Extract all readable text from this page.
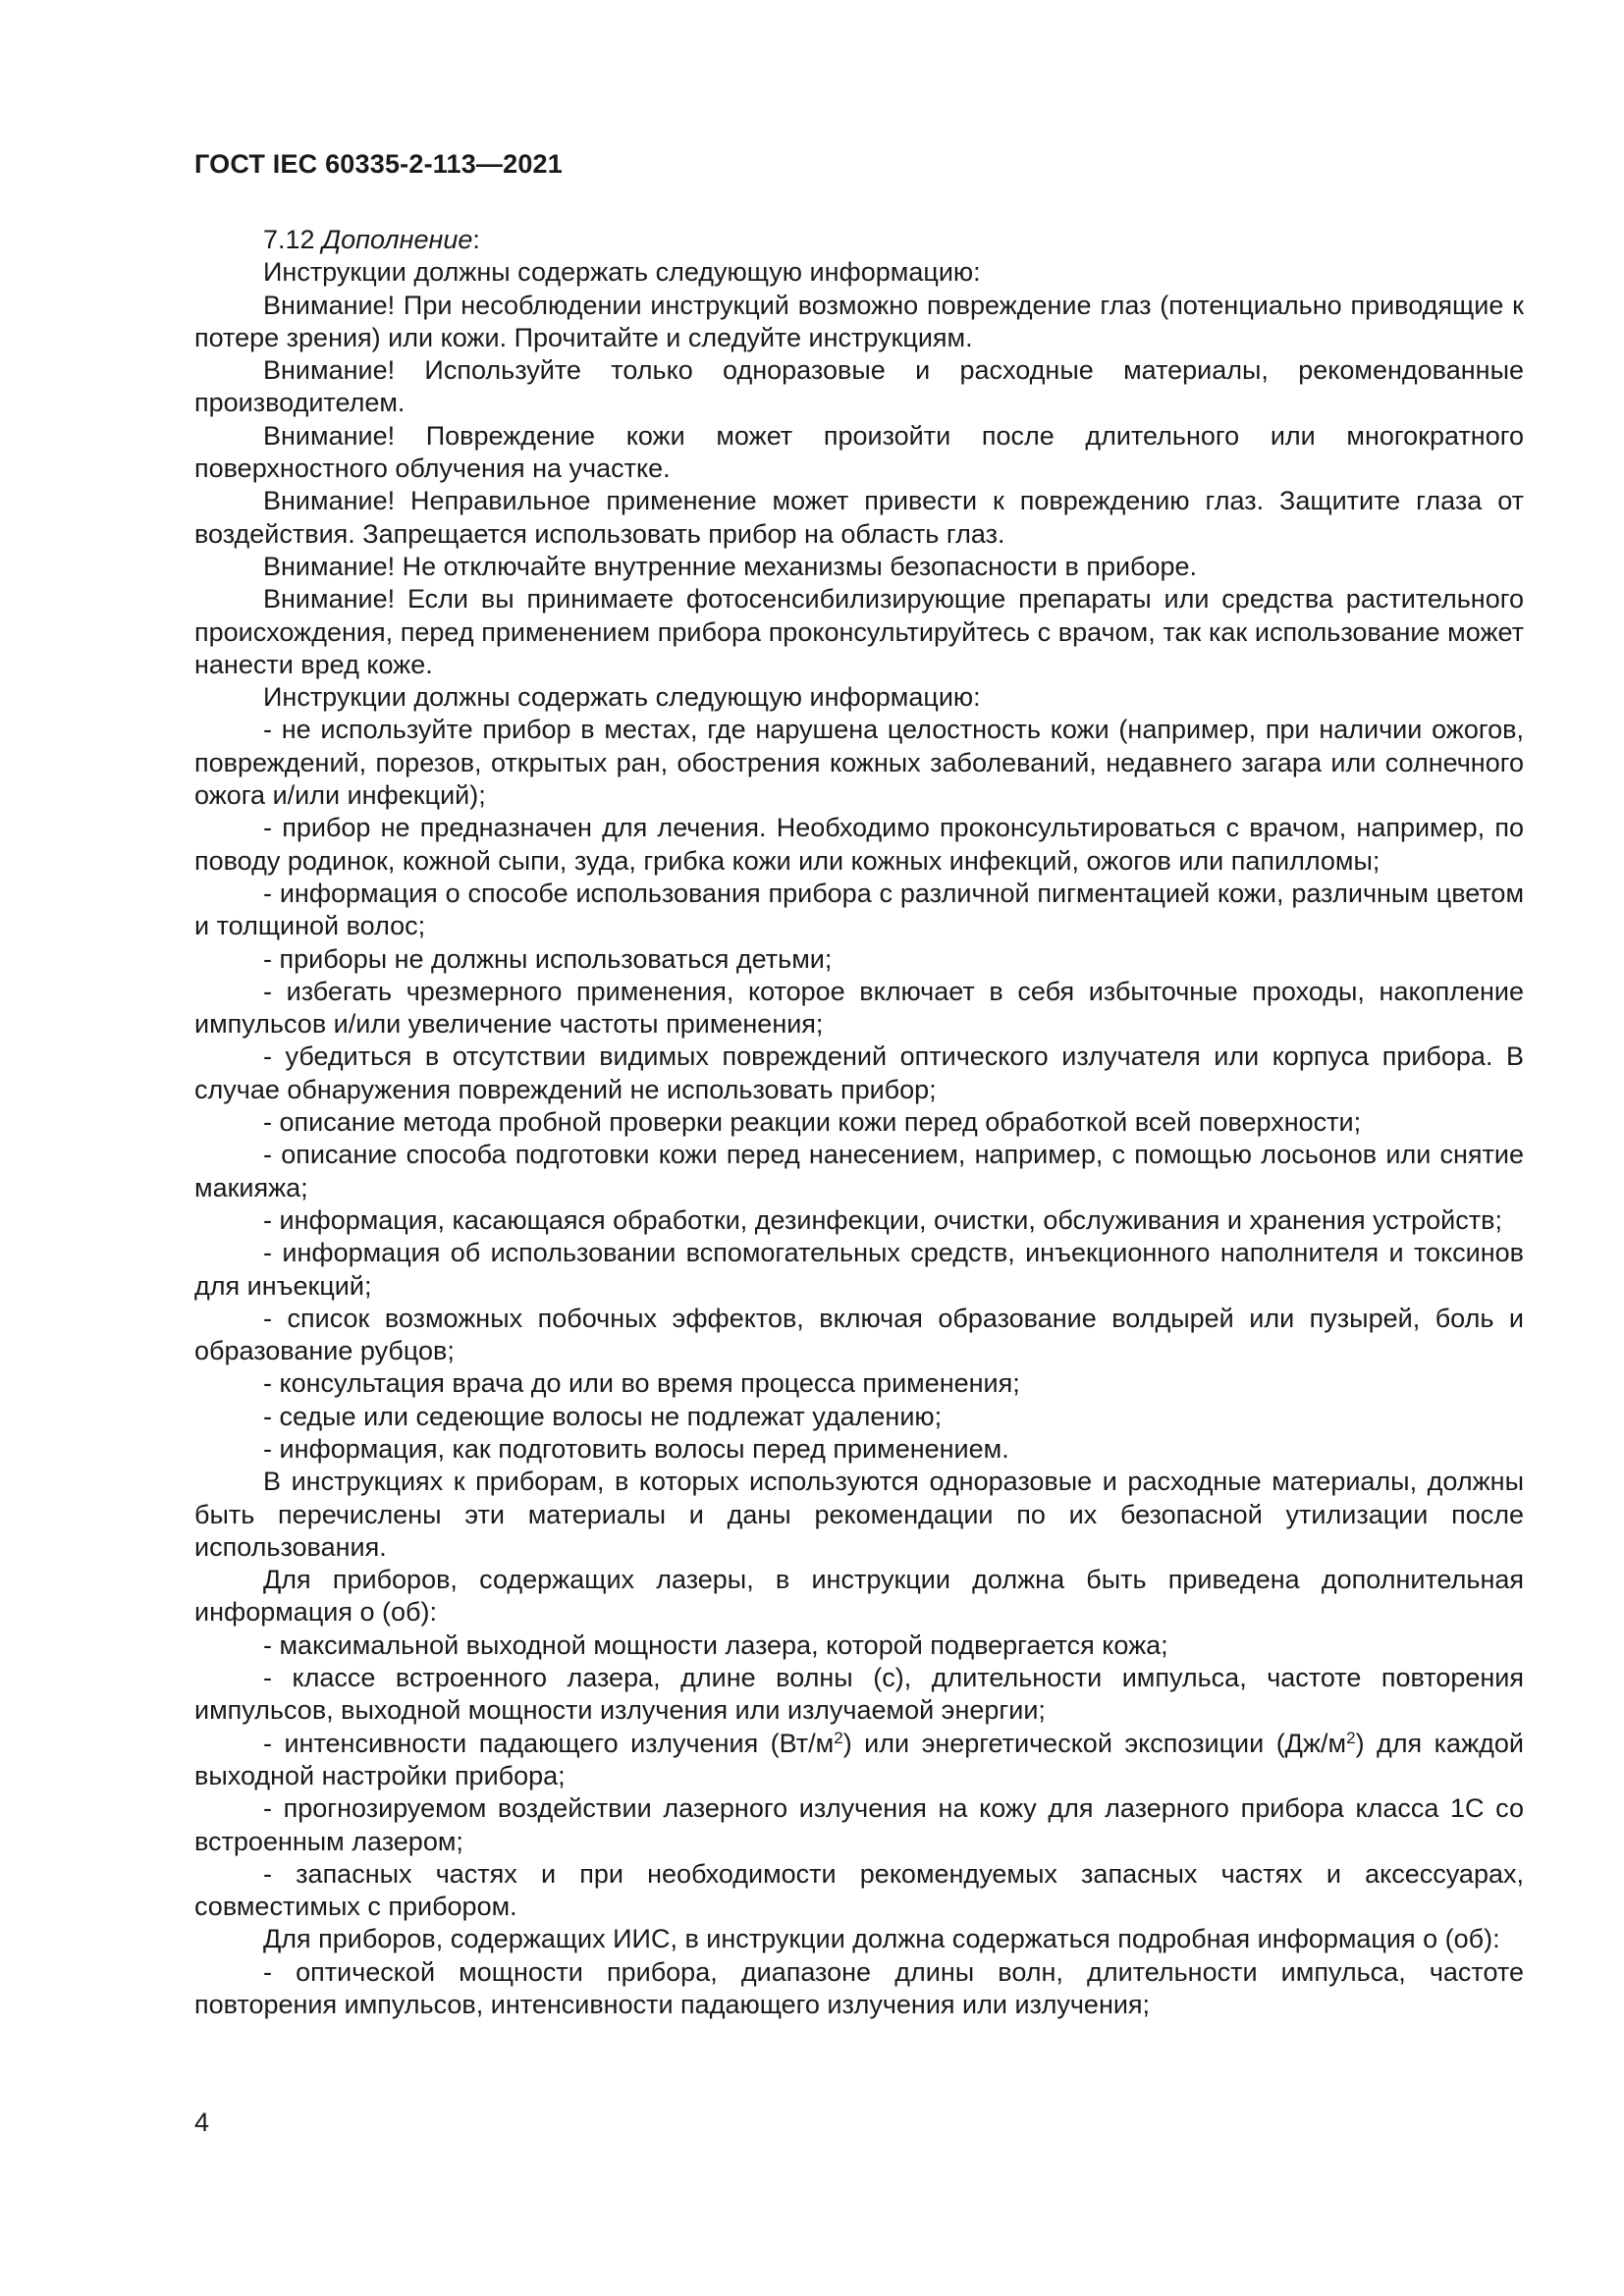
ГОСТ IEC 60335-2-113—2021

7.12 Дополнение:

Инструкции должны содержать следующую информацию:

Внимание! При несоблюдении инструкций возможно повреждение глаз (потенциально приводящие к потере зрения) или кожи. Прочитайте и следуйте инструкциям.

Внимание! Используйте только одноразовые и расходные материалы, рекомендованные производителем.

Внимание! Повреждение кожи может произойти после длительного или многократного поверхностного облучения на участке.

Внимание! Неправильное применение может привести к повреждению глаз. Защитите глаза от воздействия. Запрещается использовать прибор на область глаз.

Внимание! Не отключайте внутренние механизмы безопасности в приборе.

Внимание! Если вы принимаете фотосенсибилизирующие препараты или средства растительного происхождения, перед применением прибора проконсультируйтесь с врачом, так как использование может нанести вред коже.

Инструкции должны содержать следующую информацию:

- не используйте прибор в местах, где нарушена целостность кожи (например, при наличии ожогов, повреждений, порезов, открытых ран, обострения кожных заболеваний, недавнего загара или солнечного ожога и/или инфекций);

- прибор не предназначен для лечения. Необходимо проконсультироваться с врачом, например, по поводу родинок, кожной сыпи, зуда, грибка кожи или кожных инфекций, ожогов или папилломы;

- информация о способе использования прибора с различной пигментацией кожи, различным цветом и толщиной волос;

- приборы не должны использоваться детьми;

- избегать чрезмерного применения, которое включает в себя избыточные проходы, накопление импульсов и/или увеличение частоты применения;

- убедиться в отсутствии видимых повреждений оптического излучателя или корпуса прибора. В случае обнаружения повреждений не использовать прибор;

- описание метода пробной проверки реакции кожи перед обработкой всей поверхности;

- описание способа подготовки кожи перед нанесением, например, с помощью лосьонов или снятие макияжа;

- информация, касающаяся обработки, дезинфекции, очистки, обслуживания и хранения устройств;

- информация об использовании вспомогательных средств, инъекционного наполнителя и токсинов для инъекций;

- список возможных побочных эффектов, включая образование волдырей или пузырей, боль и образование рубцов;

- консультация врача до или во время процесса применения;

- седые или седеющие волосы не подлежат удалению;

- информация, как подготовить волосы перед применением.

В инструкциях к приборам, в которых используются одноразовые и расходные материалы, должны быть перечислены эти материалы и даны рекомендации по их безопасной утилизации после использования.

Для приборов, содержащих лазеры, в инструкции должна быть приведена дополнительная информация о (об):

- максимальной выходной мощности лазера, которой подвергается кожа;

- классе встроенного лазера, длине волны (с), длительности импульса, частоте повторения импульсов, выходной мощности излучения или излучаемой энергии;

- интенсивности падающего излучения $(Вт/м^2)$ или энергетической экспозиции $(Дж/м^2)$ для каждой выходной настройки прибора;

- прогнозируемом воздействии лазерного излучения на кожу для лазерного прибора класса 1С со встроенным лазером;

- запасных частях и при необходимости рекомендуемых запасных частях и аксессуарах, совместимых с прибором.

Для приборов, содержащих ИИС, в инструкции должна содержаться подробная информация о (об):

- оптической мощности прибора, диапазоне длины волн, длительности импульса, частоте повторения импульсов, интенсивности падающего излучения или излучения;

4
